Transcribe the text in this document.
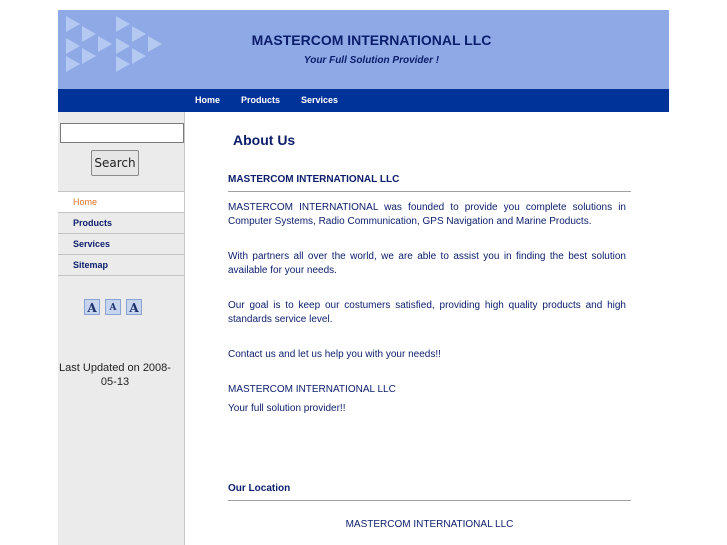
MASTERCOM INTERNATIONAL LLC
Your Full Solution Provider !
Home Products Services
Search
Home
Products
Services
Sitemap
A A A
Last Updated on 2008-05-13
About Us
MASTERCOM INTERNATIONAL LLC

MASTERCOM INTERNATIONAL was founded to provide you complete solutions in Computer Systems, Radio Communication, GPS Navigation and Marine Products.

With partners all over the world, we are able to assist you in finding the best solution available for your needs.

Our goal is to keep our costumers satisfied, providing high quality products and high standards service level.

Contact us and let us help you with your needs!!

MASTERCOM INTERNATIONAL LLC

Your full solution provider!!

Our Location
MASTERCOM INTERNATIONAL LLC
